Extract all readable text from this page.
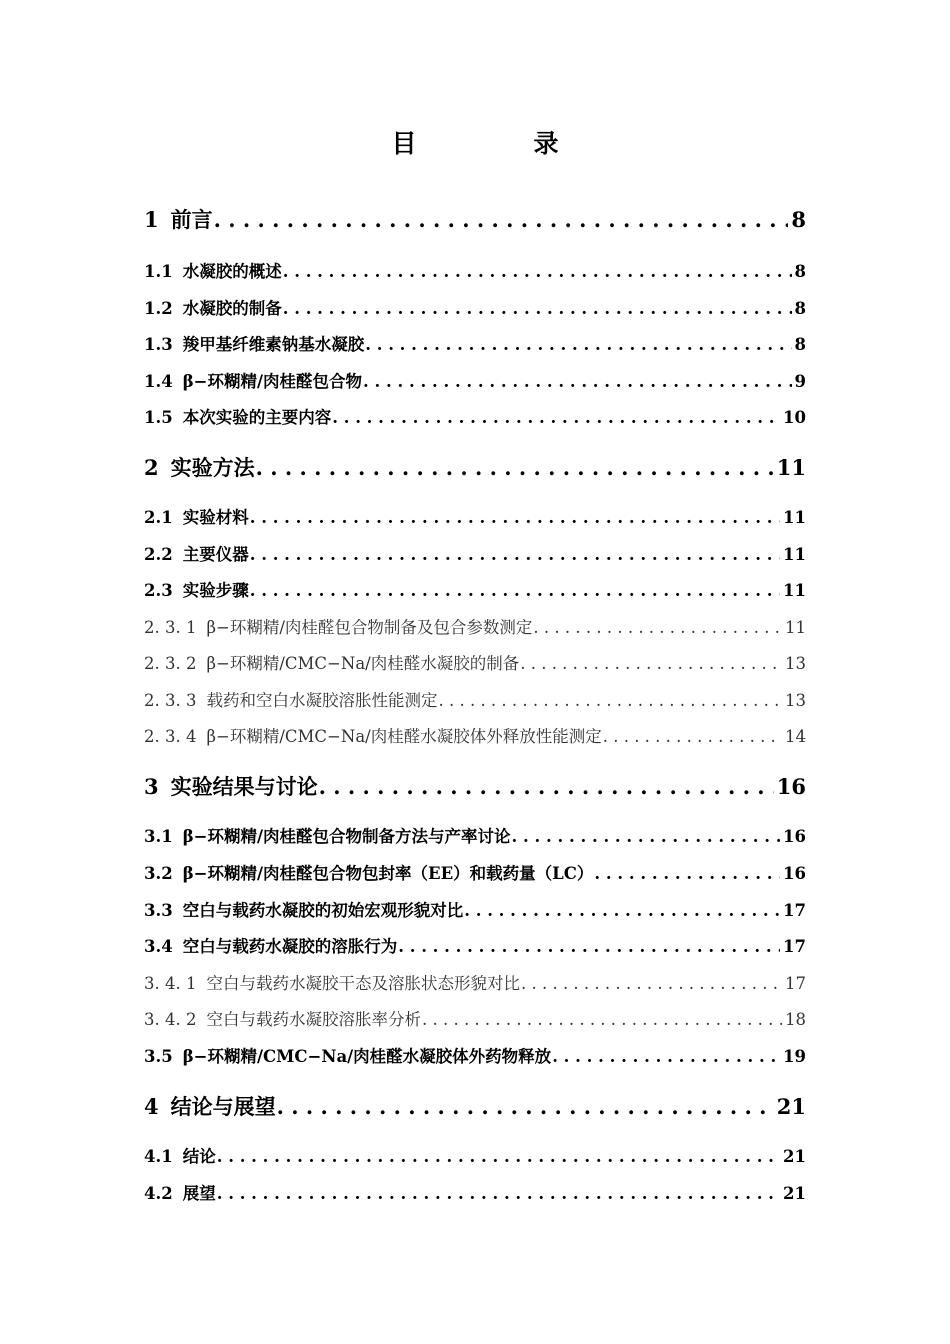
目　录
1 前言 . . .	8
1.1 水凝胶的概述 . . .	8
1.2 水凝胶的制备 . . .	8
1.3 羧甲基纤维素钠基水凝胶 . . .	8
1.4 β−环糊精/肉桂醛包合物 . . .	9
1.5 本次实验的主要内容 . . .	10
2 实验方法 . . .	11
2.1 实验材料 . . .	11
2.2 主要仪器 . . .	11
2.3 实验步骤 . . .	11
2. 3. 1 β−环糊精/肉桂醛包合物制备及包合参数测定 . . .	11
2. 3. 2 β−环糊精/CMC−Na/肉桂醛水凝胶的制备 . . .	13
2. 3. 3 载药和空白水凝胶溶胀性能测定 . . .	13
2. 3. 4 β−环糊精/CMC−Na/肉桂醛水凝胶体外释放性能测定 . . .	14
3 实验结果与讨论 . . .	16
3.1 β−环糊精/肉桂醛包合物制备方法与产率讨论 . . .	16
3.2 β−环糊精/肉桂醛包合物包封率（EE）和载药量（LC） . . .	16
3.3 空白与载药水凝胶的初始宏观形貌对比 . . .	17
3.4 空白与载药水凝胶的溶胀行为 . . .	17
3. 4. 1 空白与载药水凝胶干态及溶胀状态形貌对比 . . .	17
3. 4. 2 空白与载药水凝胶溶胀率分析 . . .	18
3.5 β−环糊精/CMC−Na/肉桂醛水凝胶体外药物释放 . . .	19
4 结论与展望 . . .	21
4.1 结论 . . .	21
4.2 展望 . . .	21
